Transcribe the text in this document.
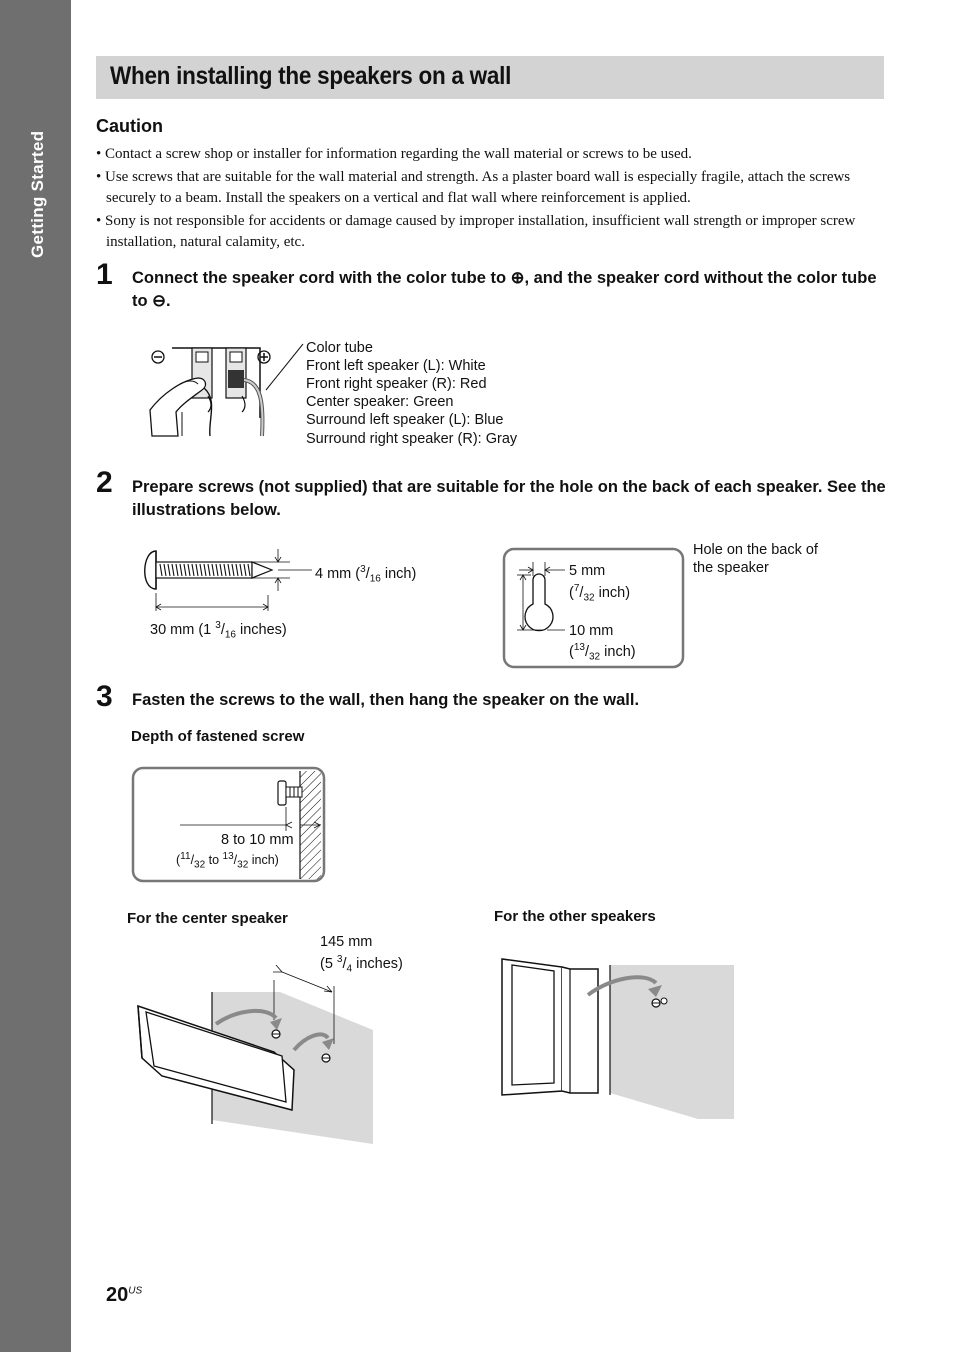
Getting Started
When installing the speakers on a wall
Caution

• Contact a screw shop or installer for information regarding the wall material or screws to be used.

• Use screws that are suitable for the wall material and strength. As a plaster board wall is especially fragile, attach the screws securely to a beam. Install the speakers on a vertical and flat wall where reinforcement is applied.

• Sony is not responsible for accidents or damage caused by improper installation, insufficient wall strength or improper screw installation, natural calamity, etc.

1 Connect the speaker cord with the color tube to ⊕, and the speaker cord without the color tube to ⊖.
Color tube
Front left speaker (L): White
Front right speaker (R): Red
Center speaker: Green
Surround left speaker (L): Blue
Surround right speaker (R): Gray
2 Prepare screws (not supplied) that are suitable for the hole on the back of each speaker. See the illustrations below.
4 mm ($^3/_{16}$ inch)
30 mm (1 $^3/_{16}$ inches)
5 mm
($^7/_{32}$ inch)
10 mm
($^{13}/_{32}$ inch)
Hole on the back of
the speaker
3 Fasten the screws to the wall, then hang the speaker on the wall.
Depth of fastened screw
8 to 10 mm
($^{11}/_{32}$ to $^{13}/_{32}$ inch)
For the center speaker
145 mm
(5 $^3/_4$ inches)
For the other speakers
$20^{US}$
